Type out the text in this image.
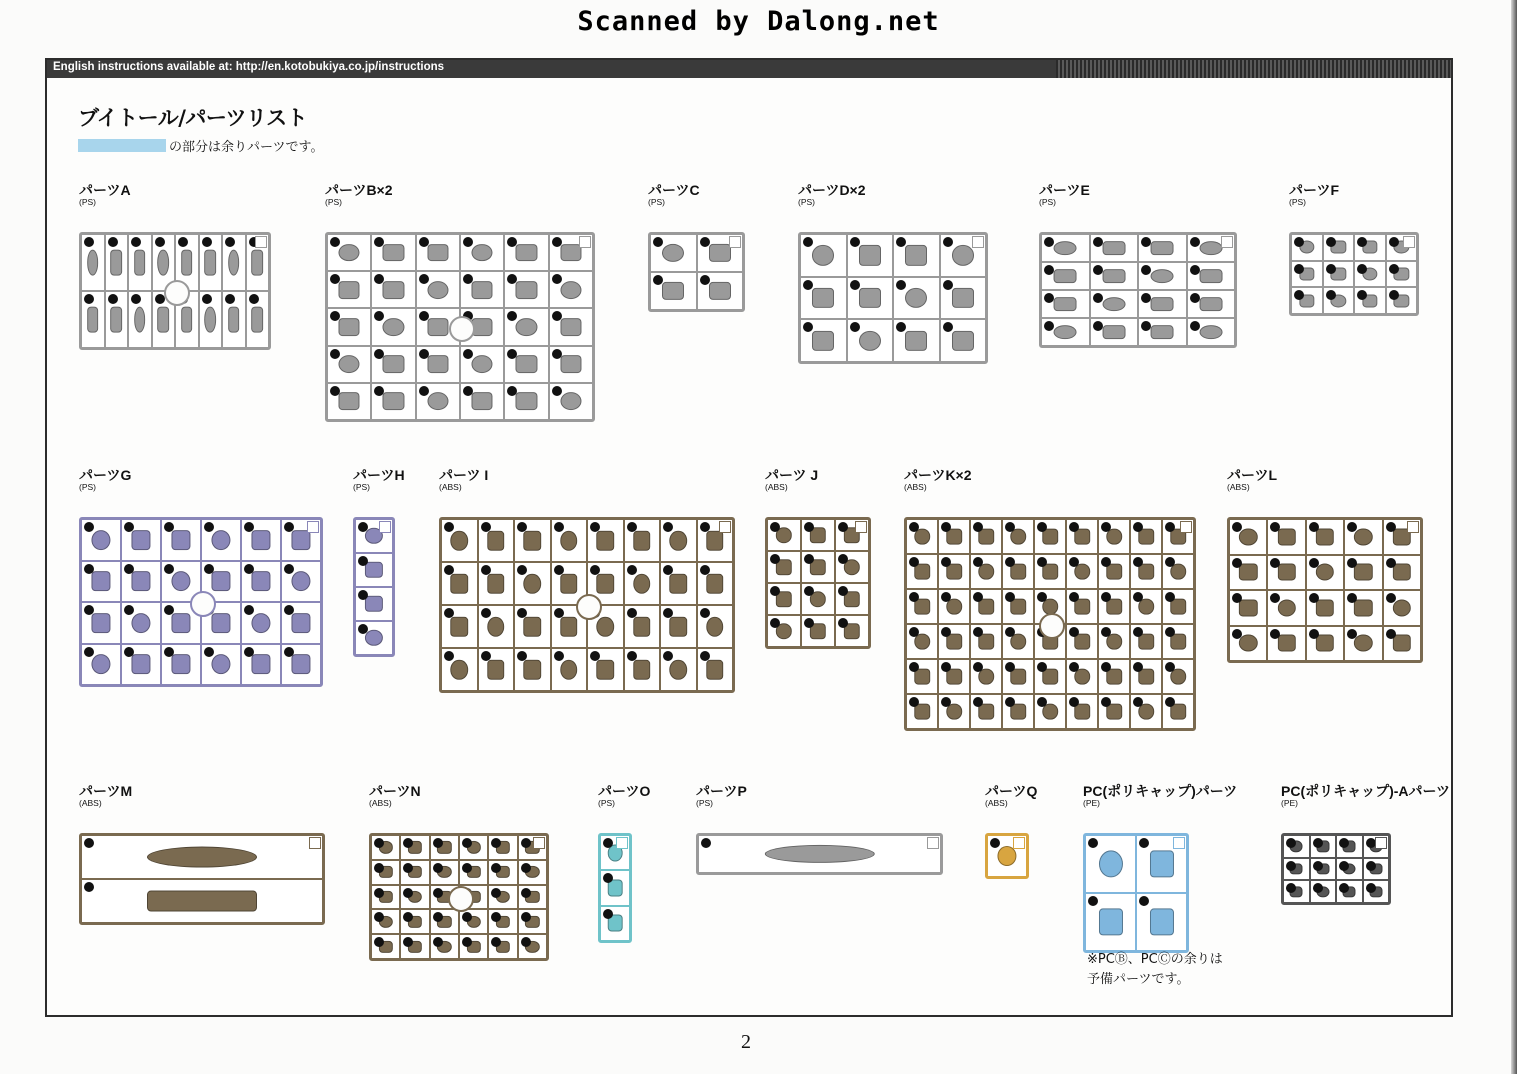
Scanned by Dalong.net
English instructions available at: http://en.kotobukiya.co.jp/instructions
ブイトール/パーツリスト
の部分は余りパーツです。
パーツA
(PS)
パーツB×2
(PS)
パーツC
(PS)
パーツD×2
(PS)
パーツE
(PS)
パーツF
(PS)
パーツG
(PS)
パーツH
(PS)
パーツ I
(ABS)
パーツ J
(ABS)
パーツK×2
(ABS)
パーツL
(ABS)
パーツM
(ABS)
パーツN
(ABS)
パーツO
(PS)
パーツP
(PS)
パーツQ
(ABS)
PC(ポリキャップ)パーツ
(PE)
PC(ポリキャップ)-Aパーツ
(PE)
※PCⒷ、PCⒸの余りは
予備パーツです。
2
